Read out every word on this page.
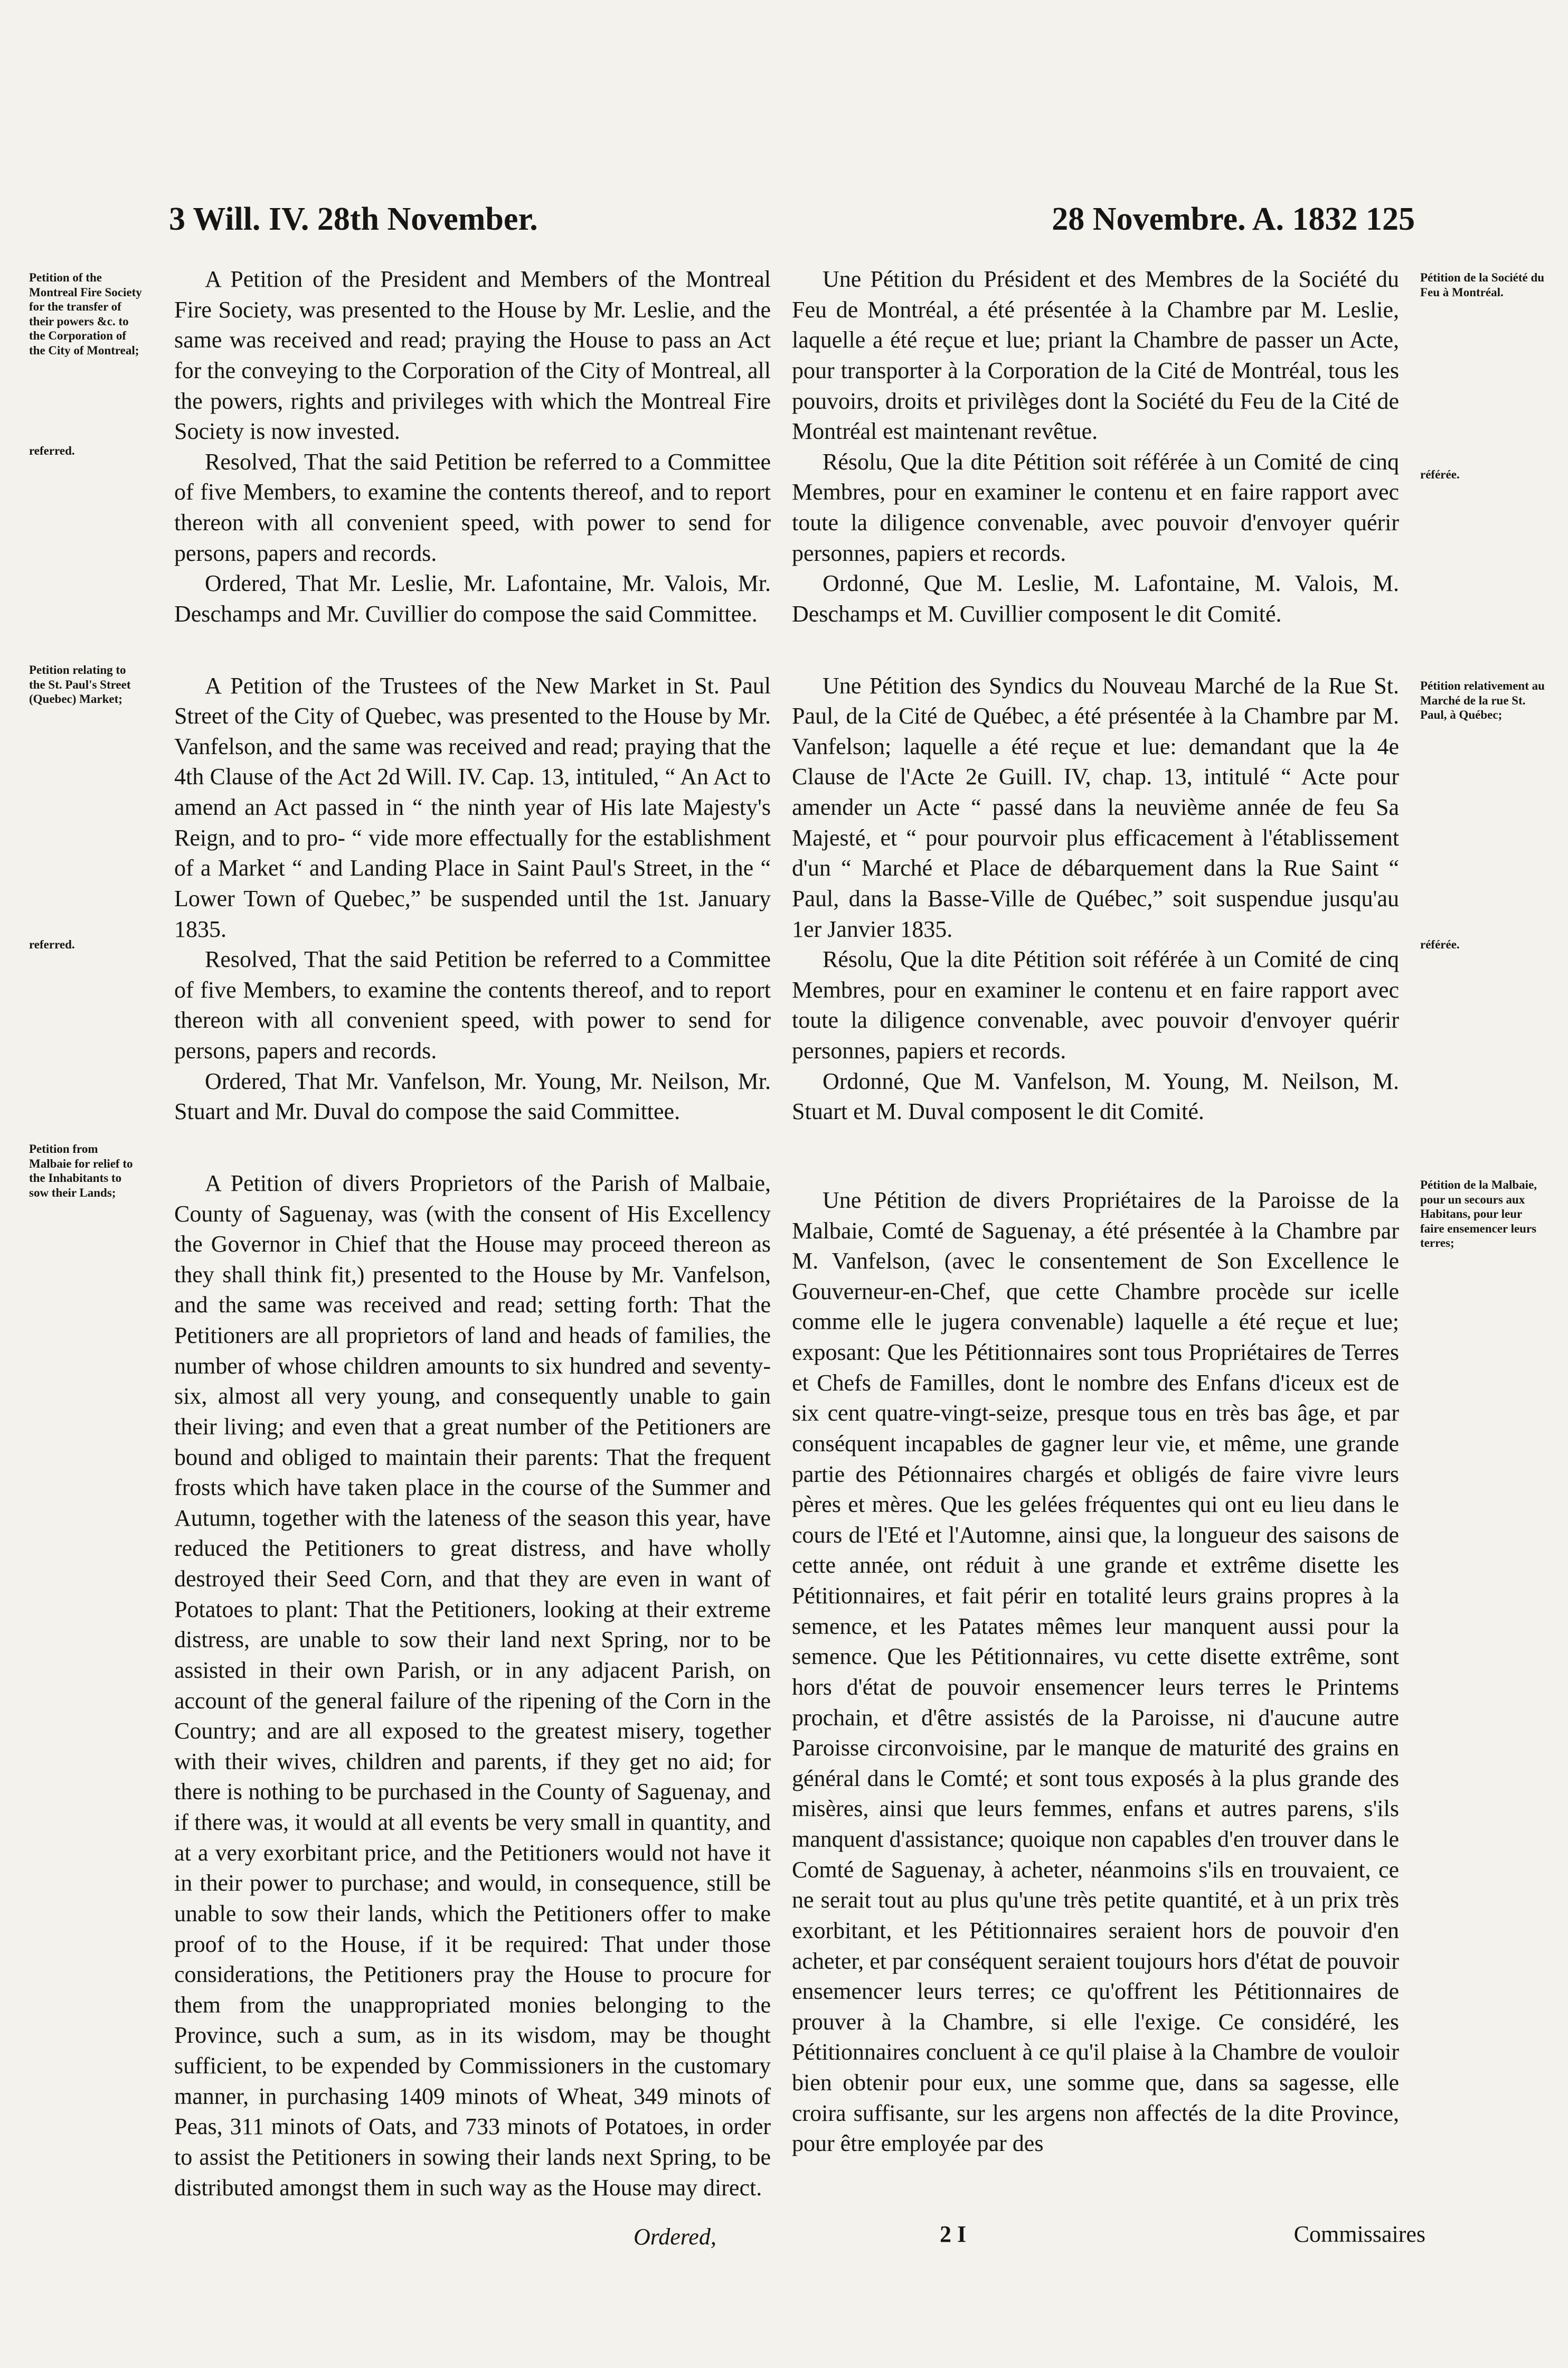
3 Will. IV. 28th November.	28 Novembre. A. 1832 125
Petition of the Montreal Fire Society for the transfer of their powers &c. to the Corporation of the City of Montreal;
referred.
Petition relating to the St. Paul's Street (Quebec) Market;
referred.
Petition from Malbaie for relief to the Inhabitants to sow their Lands;
Pétition de la Société du Feu à Montréal.
référée.
Pétition relativement au Marché de la rue St. Paul, à Québec;
référée.
Pétition de la Malbaie, pour un secours aux Habitans, pour leur faire ensemencer leurs terres;

A Petition of the President and Members of the Montreal Fire Society, was presented to the House by Mr. Leslie, and the same was received and read; praying the House to pass an Act for the conveying to the Corporation of the City of Montreal, all the powers, rights and privileges with which the Montreal Fire Society is now invested.

Resolved, That the said Petition be referred to a Committee of five Members, to examine the contents thereof, and to report thereon with all convenient speed, with power to send for persons, papers and records.

Ordered, That Mr. Leslie, Mr. Lafontaine, Mr. Valois, Mr. Deschamps and Mr. Cuvillier do compose the said Committee.

A Petition of the Trustees of the New Market in St. Paul Street of the City of Quebec, was presented to the House by Mr. Vanfelson, and the same was received and read; praying that the 4th Clause of the Act 2d Will. IV. Cap. 13, intituled, “ An Act to amend an Act passed in “ the ninth year of His late Majesty's Reign, and to pro- “ vide more effectually for the establishment of a Market “ and Landing Place in Saint Paul's Street, in the “ Lower Town of Quebec,” be suspended until the 1st. January 1835.

Resolved, That the said Petition be referred to a Committee of five Members, to examine the contents thereof, and to report thereon with all convenient speed, with power to send for persons, papers and records.

Ordered, That Mr. Vanfelson, Mr. Young, Mr. Neilson, Mr. Stuart and Mr. Duval do compose the said Committee.

A Petition of divers Proprietors of the Parish of Malbaie, County of Saguenay, was (with the consent of His Excellency the Governor in Chief that the House may proceed thereon as they shall think fit,) presented to the House by Mr. Vanfelson, and the same was received and read; setting forth: That the Petitioners are all proprietors of land and heads of families, the number of whose children amounts to six hundred and seventy-six, almost all very young, and consequently unable to gain their living; and even that a great number of the Petitioners are bound and obliged to maintain their parents: That the frequent frosts which have taken place in the course of the Summer and Autumn, together with the lateness of the season this year, have reduced the Petitioners to great distress, and have wholly destroyed their Seed Corn, and that they are even in want of Potatoes to plant: That the Petitioners, looking at their extreme distress, are unable to sow their land next Spring, nor to be assisted in their own Parish, or in any adjacent Parish, on account of the general failure of the ripening of the Corn in the Country; and are all exposed to the greatest misery, together with their wives, children and parents, if they get no aid; for there is nothing to be purchased in the County of Saguenay, and if there was, it would at all events be very small in quantity, and at a very exorbitant price, and the Petitioners would not have it in their power to purchase; and would, in consequence, still be unable to sow their lands, which the Petitioners offer to make proof of to the House, if it be required: That under those considerations, the Petitioners pray the House to procure for them from the unappropriated monies belonging to the Province, such a sum, as in its wisdom, may be thought sufficient, to be expended by Commissioners in the customary manner, in purchasing 1409 minots of Wheat, 349 minots of Peas, 311 minots of Oats, and 733 minots of Potatoes, in order to assist the Petitioners in sowing their lands next Spring, to be distributed amongst them in such way as the House may direct.

Une Pétition du Président et des Membres de la Société du Feu de Montréal, a été présentée à la Chambre par M. Leslie, laquelle a été reçue et lue; priant la Chambre de passer un Acte, pour transporter à la Corporation de la Cité de Montréal, tous les pouvoirs, droits et privilèges dont la Société du Feu de la Cité de Montréal est maintenant revêtue.

Résolu, Que la dite Pétition soit référée à un Comité de cinq Membres, pour en examiner le contenu et en faire rapport avec toute la diligence convenable, avec pouvoir d'envoyer quérir personnes, papiers et records.

Ordonné, Que M. Leslie, M. Lafontaine, M. Valois, M. Deschamps et M. Cuvillier composent le dit Comité.

Une Pétition des Syndics du Nouveau Marché de la Rue St. Paul, de la Cité de Québec, a été présentée à la Chambre par M. Vanfelson; laquelle a été reçue et lue: demandant que la 4e Clause de l'Acte 2e Guill. IV, chap. 13, intitulé “ Acte pour amender un Acte “ passé dans la neuvième année de feu Sa Majesté, et “ pour pourvoir plus efficacement à l'établissement d'un “ Marché et Place de débarquement dans la Rue Saint “ Paul, dans la Basse-Ville de Québec,” soit suspendue jusqu'au 1er Janvier 1835.

Résolu, Que la dite Pétition soit référée à un Comité de cinq Membres, pour en examiner le contenu et en faire rapport avec toute la diligence convenable, avec pouvoir d'envoyer quérir personnes, papiers et records.

Ordonné, Que M. Vanfelson, M. Young, M. Neilson, M. Stuart et M. Duval composent le dit Comité.

Une Pétition de divers Propriétaires de la Paroisse de la Malbaie, Comté de Saguenay, a été présentée à la Chambre par M. Vanfelson, (avec le consentement de Son Excellence le Gouverneur-en-Chef, que cette Chambre procède sur icelle comme elle le jugera convenable) laquelle a été reçue et lue; exposant: Que les Pétitionnaires sont tous Propriétaires de Terres et Chefs de Familles, dont le nombre des Enfans d'iceux est de six cent quatre-vingt-seize, presque tous en très bas âge, et par conséquent incapables de gagner leur vie, et même, une grande partie des Pétionnaires chargés et obligés de faire vivre leurs pères et mères. Que les gelées fréquentes qui ont eu lieu dans le cours de l'Eté et l'Automne, ainsi que, la longueur des saisons de cette année, ont réduit à une grande et extrême disette les Pétitionnaires, et fait périr en totalité leurs grains propres à la semence, et les Patates mêmes leur manquent aussi pour la semence. Que les Pétitionnaires, vu cette disette extrême, sont hors d'état de pouvoir ensemencer leurs terres le Printems prochain, et d'être assistés de la Paroisse, ni d'aucune autre Paroisse circonvoisine, par le manque de maturité des grains en général dans le Comté; et sont tous exposés à la plus grande des misères, ainsi que leurs femmes, enfans et autres parens, s'ils manquent d'assistance; quoique non capables d'en trouver dans le Comté de Saguenay, à acheter, néanmoins s'ils en trouvaient, ce ne serait tout au plus qu'une très petite quantité, et à un prix très exorbitant, et les Pétitionnaires seraient hors de pouvoir d'en acheter, et par conséquent seraient toujours hors d'état de pouvoir ensemencer leurs terres; ce qu'offrent les Pétitionnaires de prouver à la Chambre, si elle l'exige. Ce considéré, les Pétitionnaires concluent à ce qu'il plaise à la Chambre de vouloir bien obtenir pour eux, une somme que, dans sa sagesse, elle croira suffisante, sur les argens non affectés de la dite Province, pour être employée par des

Ordered,	2 I	Commissaires
